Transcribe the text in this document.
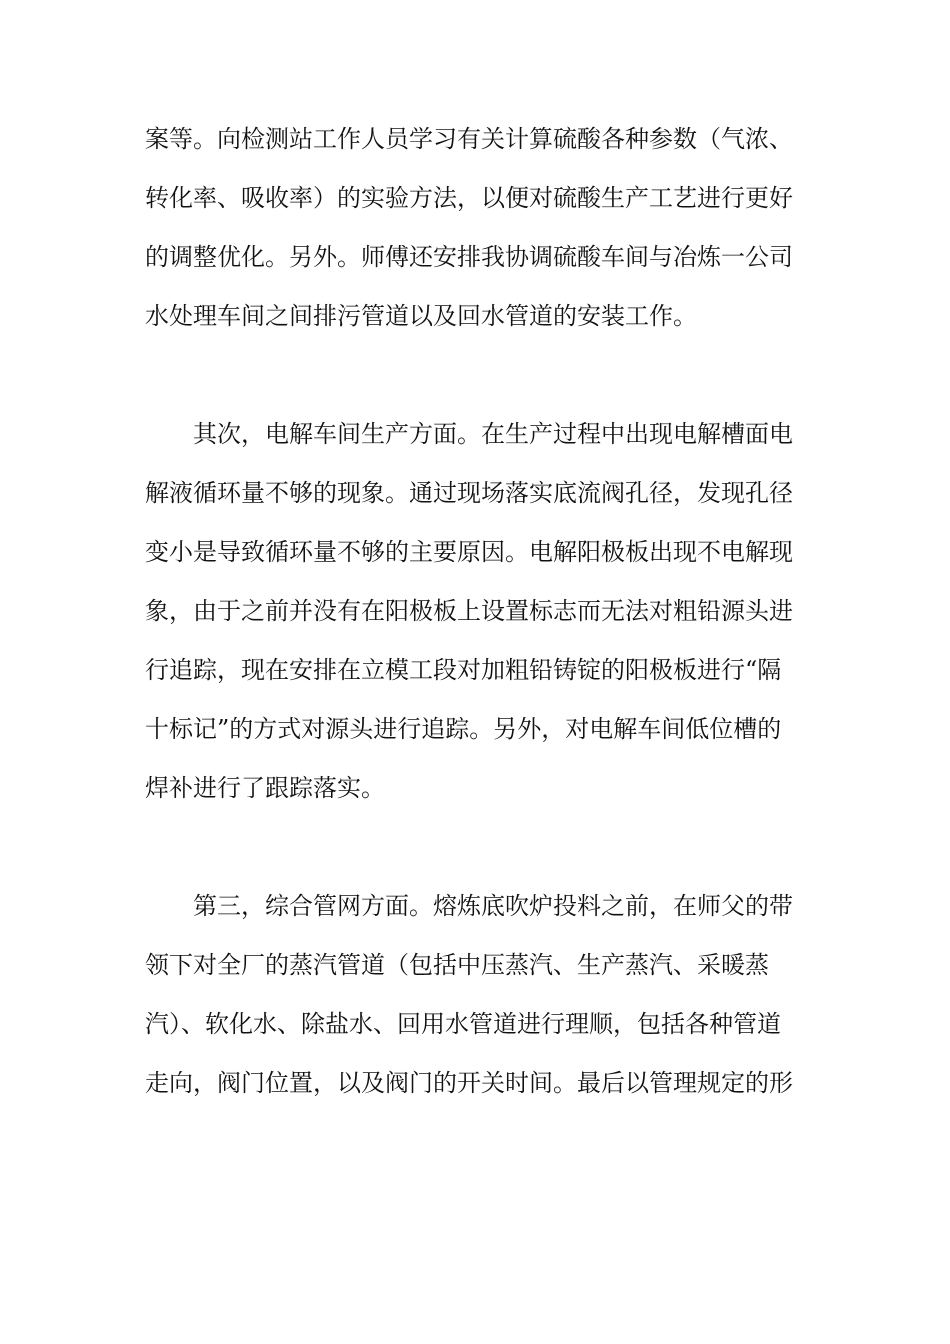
案等。向检测站工作人员学习有关计算硫酸各种参数（气浓、
转化率、吸收率）的实验方法，以便对硫酸生产工艺进行更好
的调整优化。另外。师傅还安排我协调硫酸车间与冶炼一公司
水处理车间之间排污管道以及回水管道的安装工作。
其次，电解车间生产方面。在生产过程中出现电解槽面电
解液循环量不够的现象。通过现场落实底流阀孔径，发现孔径
变小是导致循环量不够的主要原因。电解阳极板出现不电解现
象，由于之前并没有在阳极板上设置标志而无法对粗铅源头进
行追踪，现在安排在立模工段对加粗铅铸锭的阳极板进行“隔
十标记”的方式对源头进行追踪。另外，对电解车间低位槽的
焊补进行了跟踪落实。
第三，综合管网方面。熔炼底吹炉投料之前，在师父的带
领下对全厂的蒸汽管道（包括中压蒸汽、生产蒸汽、采暖蒸
汽）、软化水、除盐水、回用水管道进行理顺，包括各种管道
走向，阀门位置，以及阀门的开关时间。最后以管理规定的形
